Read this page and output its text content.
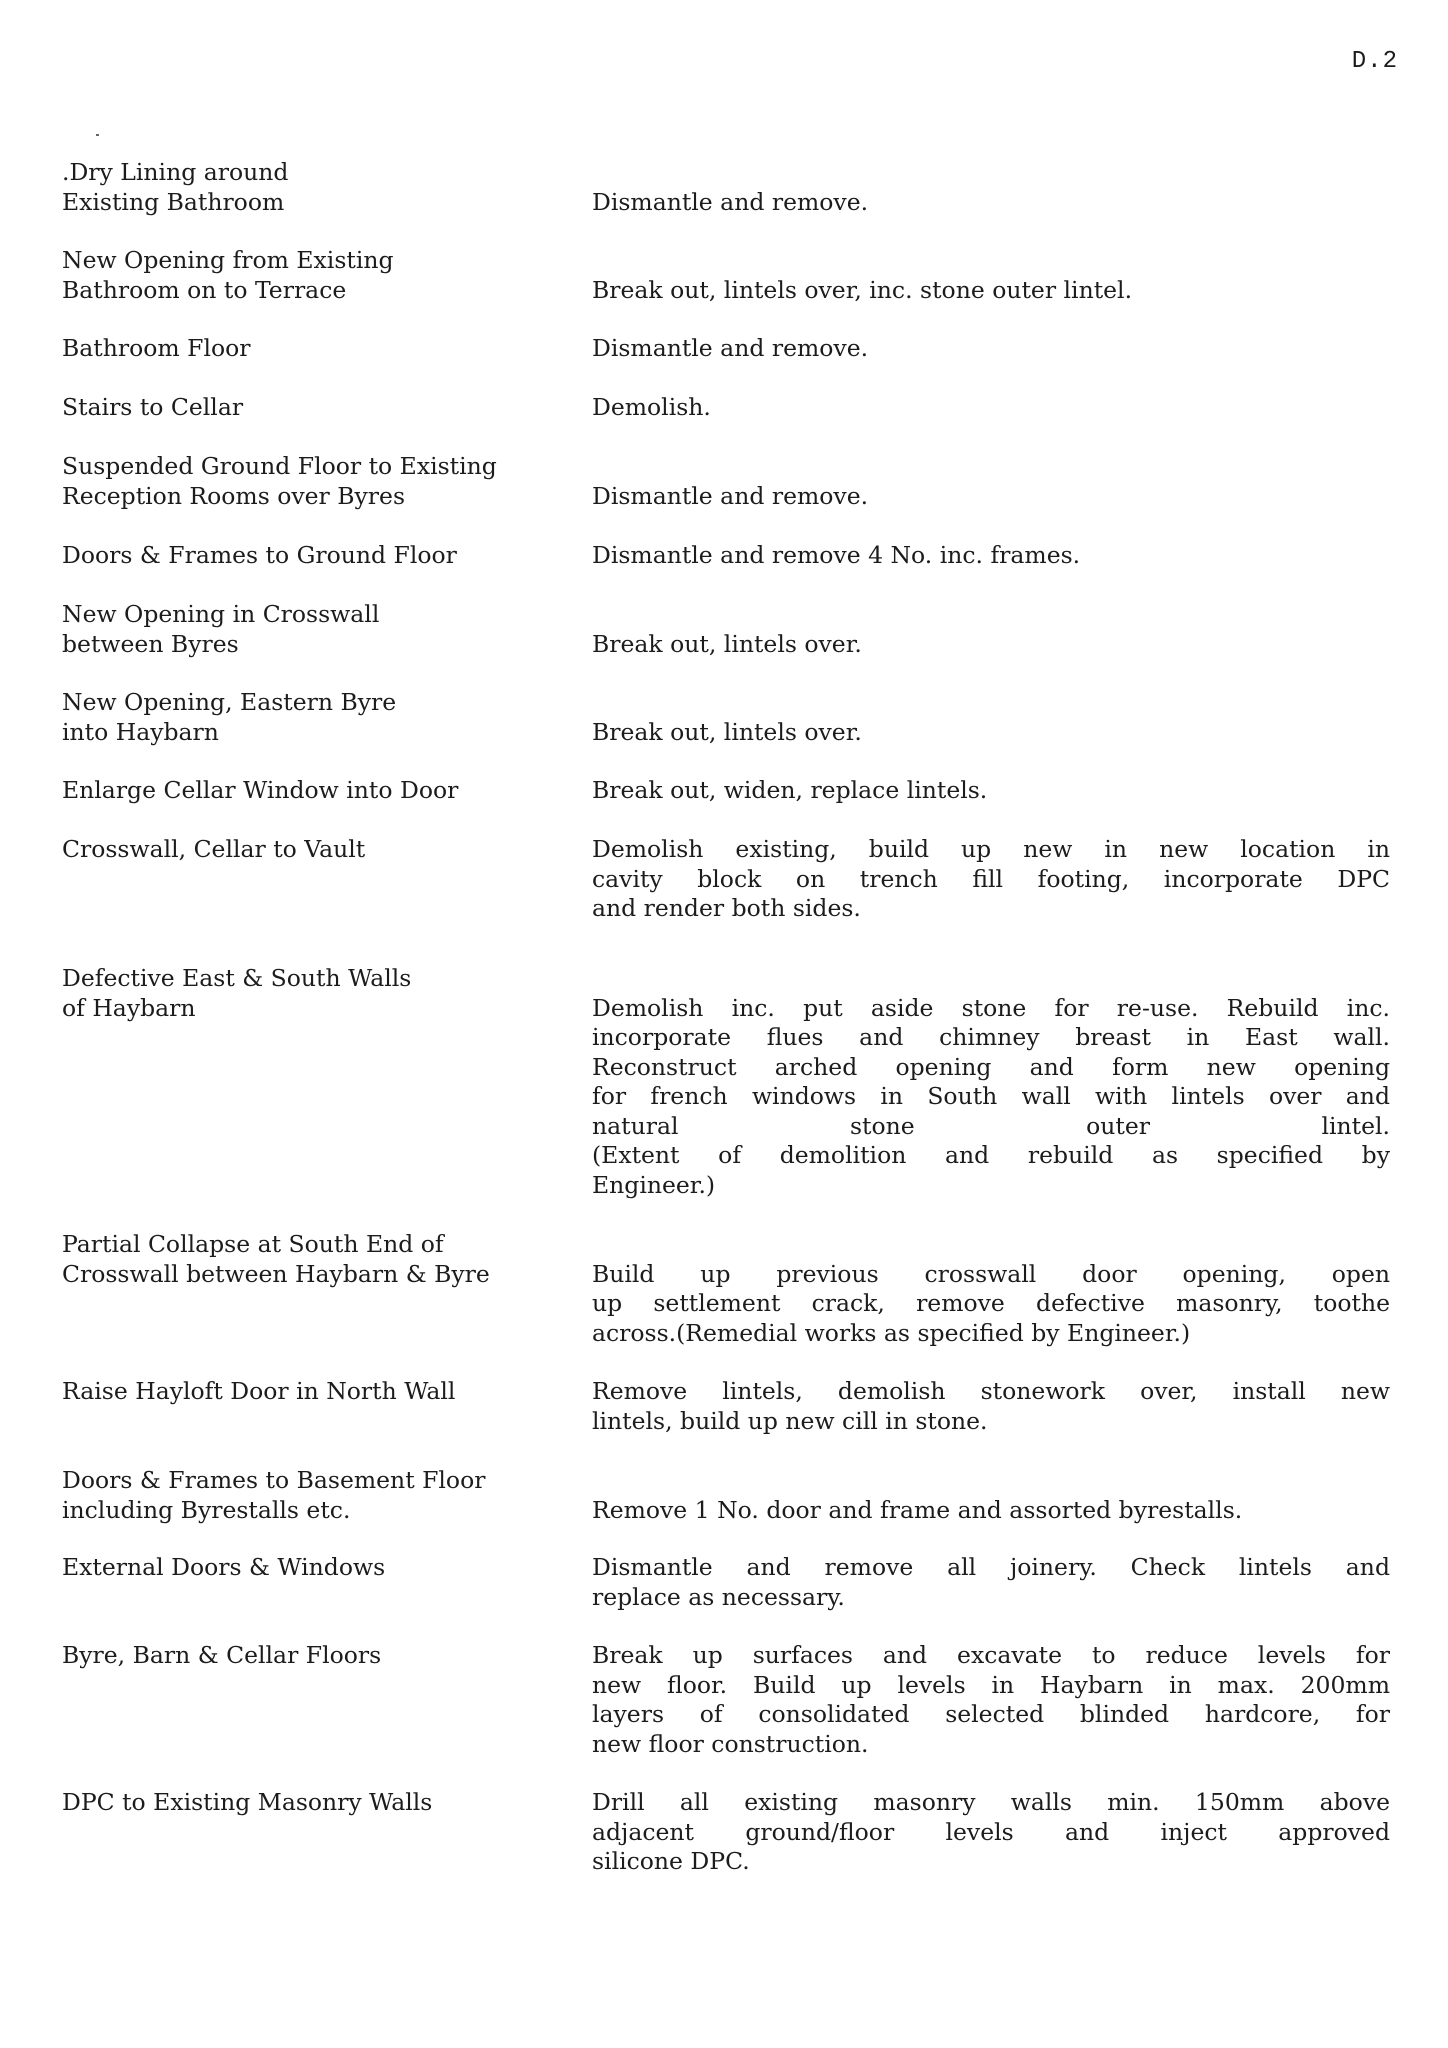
D.2
.Dry Lining around
Existing Bathroom	Dismantle and remove.
New Opening from Existing
Bathroom on to Terrace	Break out, lintels over, inc. stone outer lintel.
Bathroom Floor	Dismantle and remove.
Stairs to Cellar	Demolish.
Suspended Ground Floor to Existing
Reception Rooms over Byres	Dismantle and remove.
Doors & Frames to Ground Floor	Dismantle and remove 4 No. inc. frames.
New Opening in Crosswall
between Byres	Break out, lintels over.
New Opening, Eastern Byre
into Haybarn	Break out, lintels over.
Enlarge Cellar Window into Door	Break out, widen, replace lintels.
Crosswall, Cellar to Vault	Demolish existing, build up new in new location in
cavity block on trench fill footing, incorporate DPC
and render both sides.
Defective East & South Walls
of Haybarn	Demolish inc. put aside stone for re-use. Rebuild inc.
incorporate flues and chimney breast in East wall.
Reconstruct arched opening and form new opening
for french windows in South wall with lintels over and
natural stone outer lintel.
(Extent of demolition and rebuild as specified by
Engineer.)
Partial Collapse at South End of
Crosswall between Haybarn & Byre	Build up previous crosswall door opening, open
up settlement crack, remove defective masonry, toothe
across.(Remedial works as specified by Engineer.)
Raise Hayloft Door in North Wall	Remove lintels, demolish stonework over, install new
lintels, build up new cill in stone.
Doors & Frames to Basement Floor
including Byrestalls etc.	Remove 1 No. door and frame and assorted byrestalls.
External Doors & Windows	Dismantle and remove all joinery. Check lintels and
replace as necessary.
Byre, Barn & Cellar Floors	Break up surfaces and excavate to reduce levels for
new floor. Build up levels in Haybarn in max. 200mm
layers of consolidated selected blinded hardcore, for
new floor construction.
DPC to Existing Masonry Walls	Drill all existing masonry walls min. 150mm above
adjacent ground/floor levels and inject approved
silicone DPC.
